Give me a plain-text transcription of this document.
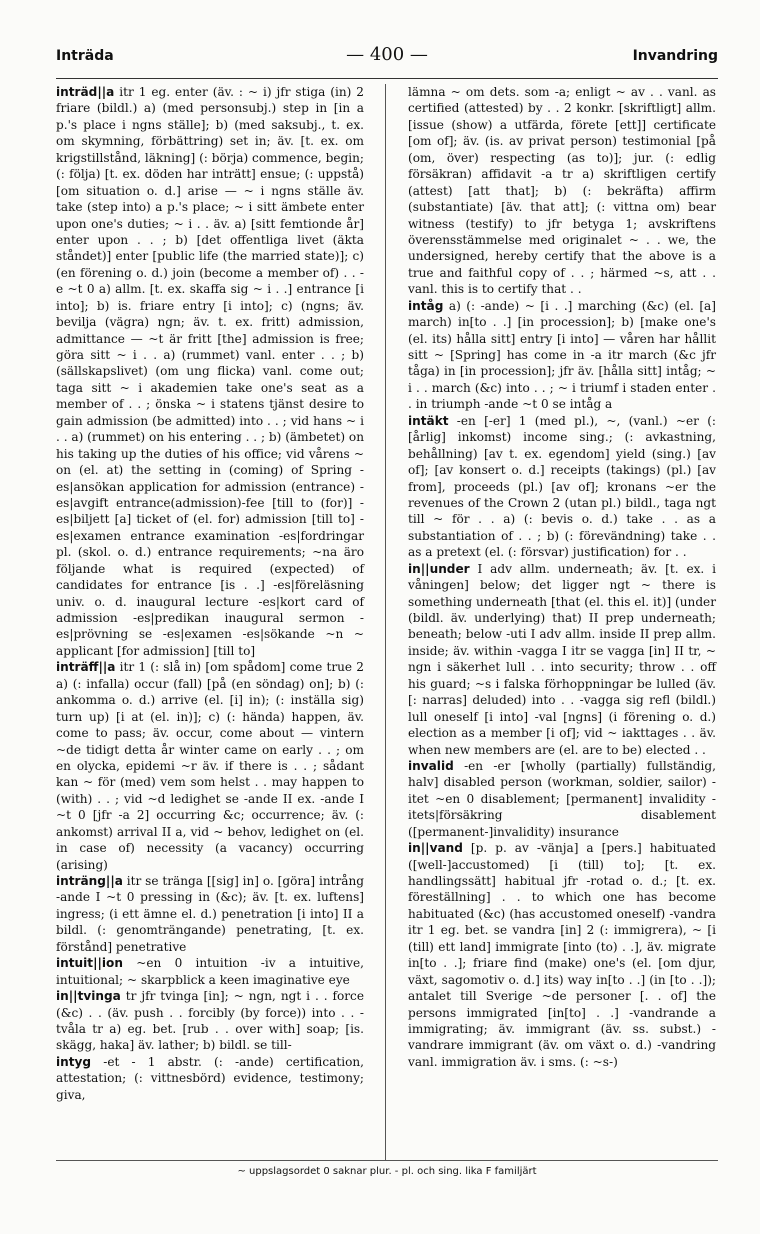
Inträda	— 400 —	Invandring

inträd||a itr 1 eg. enter (äv. : ~ i) jfr stiga (in) 2 friare (bildl.) a) (med personsubj.) step in [in a p.'s place i ngns ställe]; b) (med saksubj., t. ex. om skymning, förbättring) set in; äv. [t. ex. om krigstillstånd, läkning] (: börja) commence, begin; (: följa) [t. ex. döden har inträtt] ensue; (: uppstå) [om situation o. d.] arise — ~ i ngns ställe äv. take (step into) a p.'s place; ~ i sitt ämbete enter upon one's duties; ~ i . . äv. a) [sitt femtionde år] enter upon . . ; b) [det offentliga livet (äkta ståndet)] enter [public life (the married state)]; c) (en förening o. d.) join (become a member of) . . -e ~t 0 a) allm. [t. ex. skaffa sig ~ i . .] entrance [i into]; b) is. friare entry [i into]; c) (ngns; äv. bevilja (vägra) ngn; äv. t. ex. fritt) admission, admittance — ~t är fritt [the] admission is free; göra sitt ~ i . . a) (rummet) vanl. enter . . ; b) (sällskapslivet) (om ung flicka) vanl. come out; taga sitt ~ i akademien take one's seat as a member of . . ; önska ~ i statens tjänst desire to gain admission (be admitted) into . . ; vid hans ~ i . . a) (rummet) on his entering . . ; b) (ämbetet) on his taking up the duties of his office; vid vårens ~ on (el. at) the setting in (coming) of Spring -es|ansökan application for admission (entrance) -es|avgift entrance(admission)-fee [till to (for)] -es|biljett [a] ticket of (el. for) admission [till to] -es|examen entrance examination -es|fordringar pl. (skol. o. d.) entrance requirements; ~na äro följande what is required (expected) of candidates for entrance [is . .] -es|föreläsning univ. o. d. inaugural lecture -es|kort card of admission -es|predikan inaugural sermon -es|prövning se -es|examen -es|sökande ~n ~ applicant [for admission] [till to]

inträff||a itr 1 (: slå in) [om spådom] come true 2 a) (: infalla) occur (fall) [på (en söndag) on]; b) (: ankomma o. d.) arrive (el. [i] in); (: inställa sig) turn up) [i at (el. in)]; c) (: hända) happen, äv. come to pass; äv. occur, come about — vintern ~de tidigt detta år winter came on early . . ; om en olycka, epidemi ~r äv. if there is . . ; sådant kan ~ för (med) vem som helst . . may happen to (with) . . ; vid ~d ledighet se -ande II ex. -ande I ~t 0 [jfr -a 2] occurring &c; occurrence; äv. (: ankomst) arrival II a, vid ~ behov, ledighet on (el. in case of) necessity (a vacancy) occurring (arising)

inträng||a itr se tränga [[sig] in] o. [göra] intrång -ande I ~t 0 pressing in (&c); äv. [t. ex. luftens] ingress; (i ett ämne el. d.) penetration [i into] II a bildl. (: genomträngande) penetrating, [t. ex. förstånd] penetrative

intuit||ion ~en 0 intuition -iv a intuitive, intuitional; ~ skarpblick a keen imaginative eye

in||tvinga tr jfr tvinga [in]; ~ ngn, ngt i . . force (&c) . . (äv. push . . forcibly (by force)) into . . -tvåla tr a) eg. bet. [rub . . over with] soap; [is. skägg, haka] äv. lather; b) bildl. se till-

intyg -et - 1 abstr. (: -ande) certification, attestation; (: vittnesbörd) evidence, testimony; giva,

lämna ~ om dets. som -a; enligt ~ av . . vanl. as certified (attested) by . . 2 konkr. [skriftligt] allm. [issue (show) a utfärda, förete [ett]] certificate [om of]; äv. (is. av privat person) testimonial [på (om, över) respecting (as to)]; jur. (: edlig försäkran) affidavit -a tr a) skriftligen certify (attest) [att that]; b) (: bekräfta) affirm (substantiate) [äv. that att]; (: vittna om) bear witness (testify) to jfr betyga 1; avskriftens överensstämmelse med originalet ~ . . we, the undersigned, hereby certify that the above is a true and faithful copy of . . ; härmed ~s, att . . vanl. this is to certify that . .

intåg a) (: -ande) ~ [i . .] marching (&c) (el. [a] march) in[to . .] [in procession]; b) [make one's (el. its) hålla sitt] entry [i into] — våren har hållit sitt ~ [Spring] has come in -a itr march (&c jfr tåga) in [in procession]; jfr äv. [hålla sitt] intåg; ~ i . . march (&c) into . . ; ~ i triumf i staden enter . . in triumph -ande ~t 0 se intåg a

intäkt -en [-er] 1 (med pl.), ~, (vanl.) ~er (: [årlig] inkomst) income sing.; (: avkastning, behållning) [av t. ex. egendom] yield (sing.) [av of]; [av konsert o. d.] receipts (takings) (pl.) [av from], proceeds (pl.) [av of]; kronans ~er the revenues of the Crown 2 (utan pl.) bildl., taga ngt till ~ för . . a) (: bevis o. d.) take . . as a substantiation of . . ; b) (: förevändning) take . . as a pretext (el. (: försvar) justification) for . .

in||under I adv allm. underneath; äv. [t. ex. i våningen] below; det ligger ngt ~ there is something underneath [that (el. this el. it)] (under (bildl. äv. underlying) that) II prep underneath; beneath; below -uti I adv allm. inside II prep allm. inside; äv. within -vagga I itr se vagga [in] II tr, ~ ngn i säkerhet lull . . into security; throw . . off his guard; ~s i falska förhoppningar be lulled (äv. [: narras] deluded) into . . -vagga sig refl (bildl.) lull oneself [i into] -val [ngns] (i förening o. d.) election as a member [i of]; vid ~ iakttages . . äv. when new members are (el. are to be) elected . .

invalid -en -er [wholly (partially) fullständig, halv] disabled person (workman, soldier, sailor) -itet ~en 0 disablement; [permanent] invalidity -itets|försäkring disablement ([permanent-]invalidity) insurance

in||vand [p. p. av -vänja] a [pers.] habituated ([well-]accustomed) [i (till) to]; [t. ex. handlingssätt] habitual jfr -rotad o. d.; [t. ex. föreställning] . . to which one has become habituated (&c) (has accustomed oneself) -vandra itr 1 eg. bet. se vandra [in] 2 (: immigrera), ~ [i (till) ett land] immigrate [into (to) . .], äv. migrate in[to . .]; friare find (make) one's (el. [om djur, växt, sagomotiv o. d.] its) way in[to . .] (in [to . .]); antalet till Sverige ~de personer [. . of] the persons immigrated [in[to] . .] -vandrande a immigrating; äv. immigrant (äv. ss. subst.) -vandrare immigrant (äv. om växt o. d.) -vandring vanl. immigration äv. i sms. (: ~s-)

~ uppslagsordet 0 saknar plur. - pl. och sing. lika F familjärt
